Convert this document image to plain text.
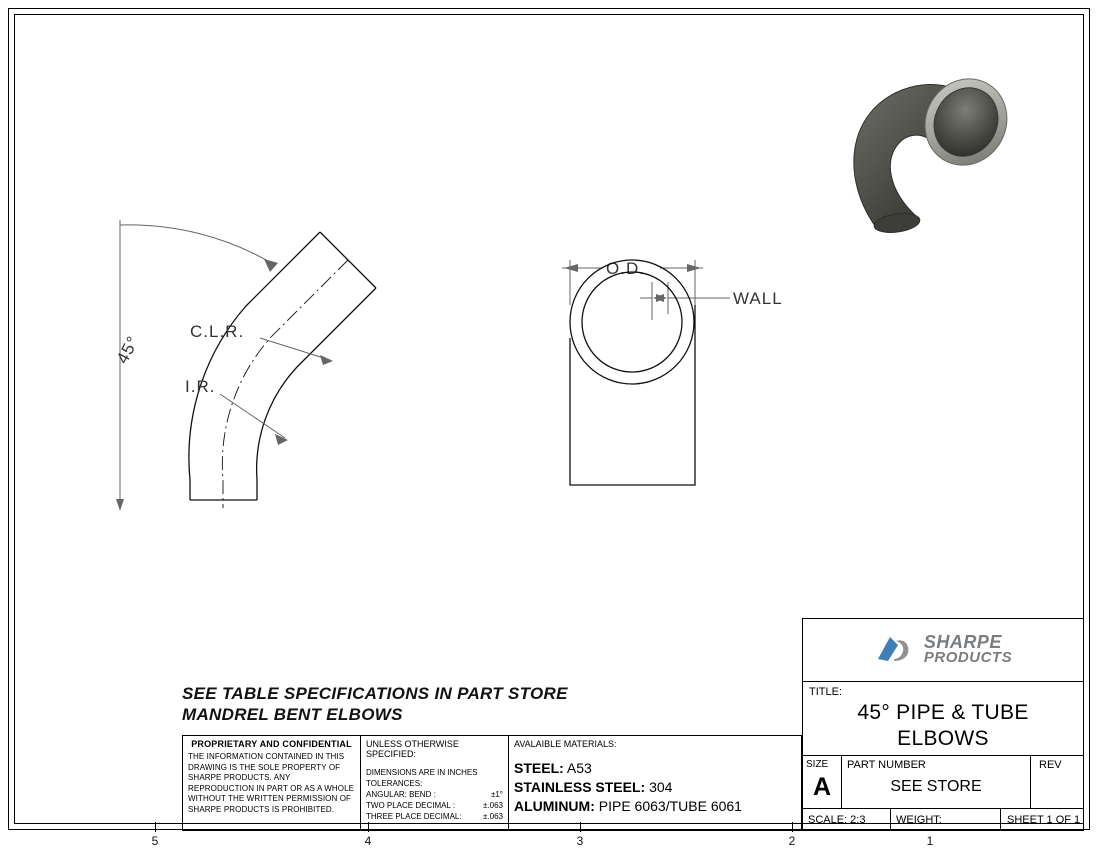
5	4	3	2	1
45°
C.L.R.
I.R.
O.D.
WALL
SEE TABLE SPECIFICATIONS IN PART STORE
MANDREL BENT ELBOWS
PROPRIETARY AND CONFIDENTIAL
THE INFORMATION CONTAINED IN THIS DRAWING IS THE SOLE PROPERTY OF SHARPE PRODUCTS. ANY REPRODUCTION IN PART OR AS A WHOLE WITHOUT THE WRITTEN PERMISSION OF SHARPE PRODUCTS IS PROHIBITED.
UNLESS OTHERWISE SPECIFIED:
DIMENSIONS ARE IN INCHES
TOLERANCES:
ANGULAR: BEND :	±1°
TWO PLACE DECIMAL :	±.063
THREE PLACE DECIMAL:	±.063
AVALAIBLE MATERIALS:
STEEL: A53
STAINLESS STEEL: 304
ALUMINUM: PIPE 6063/TUBE 6061
SHARPE
PRODUCTS
TITLE:
45° PIPE & TUBE
ELBOWS
SIZE
A
PART NUMBER
SEE STORE
REV
SCALE: 2:3	WEIGHT:	SHEET 1 OF 1
